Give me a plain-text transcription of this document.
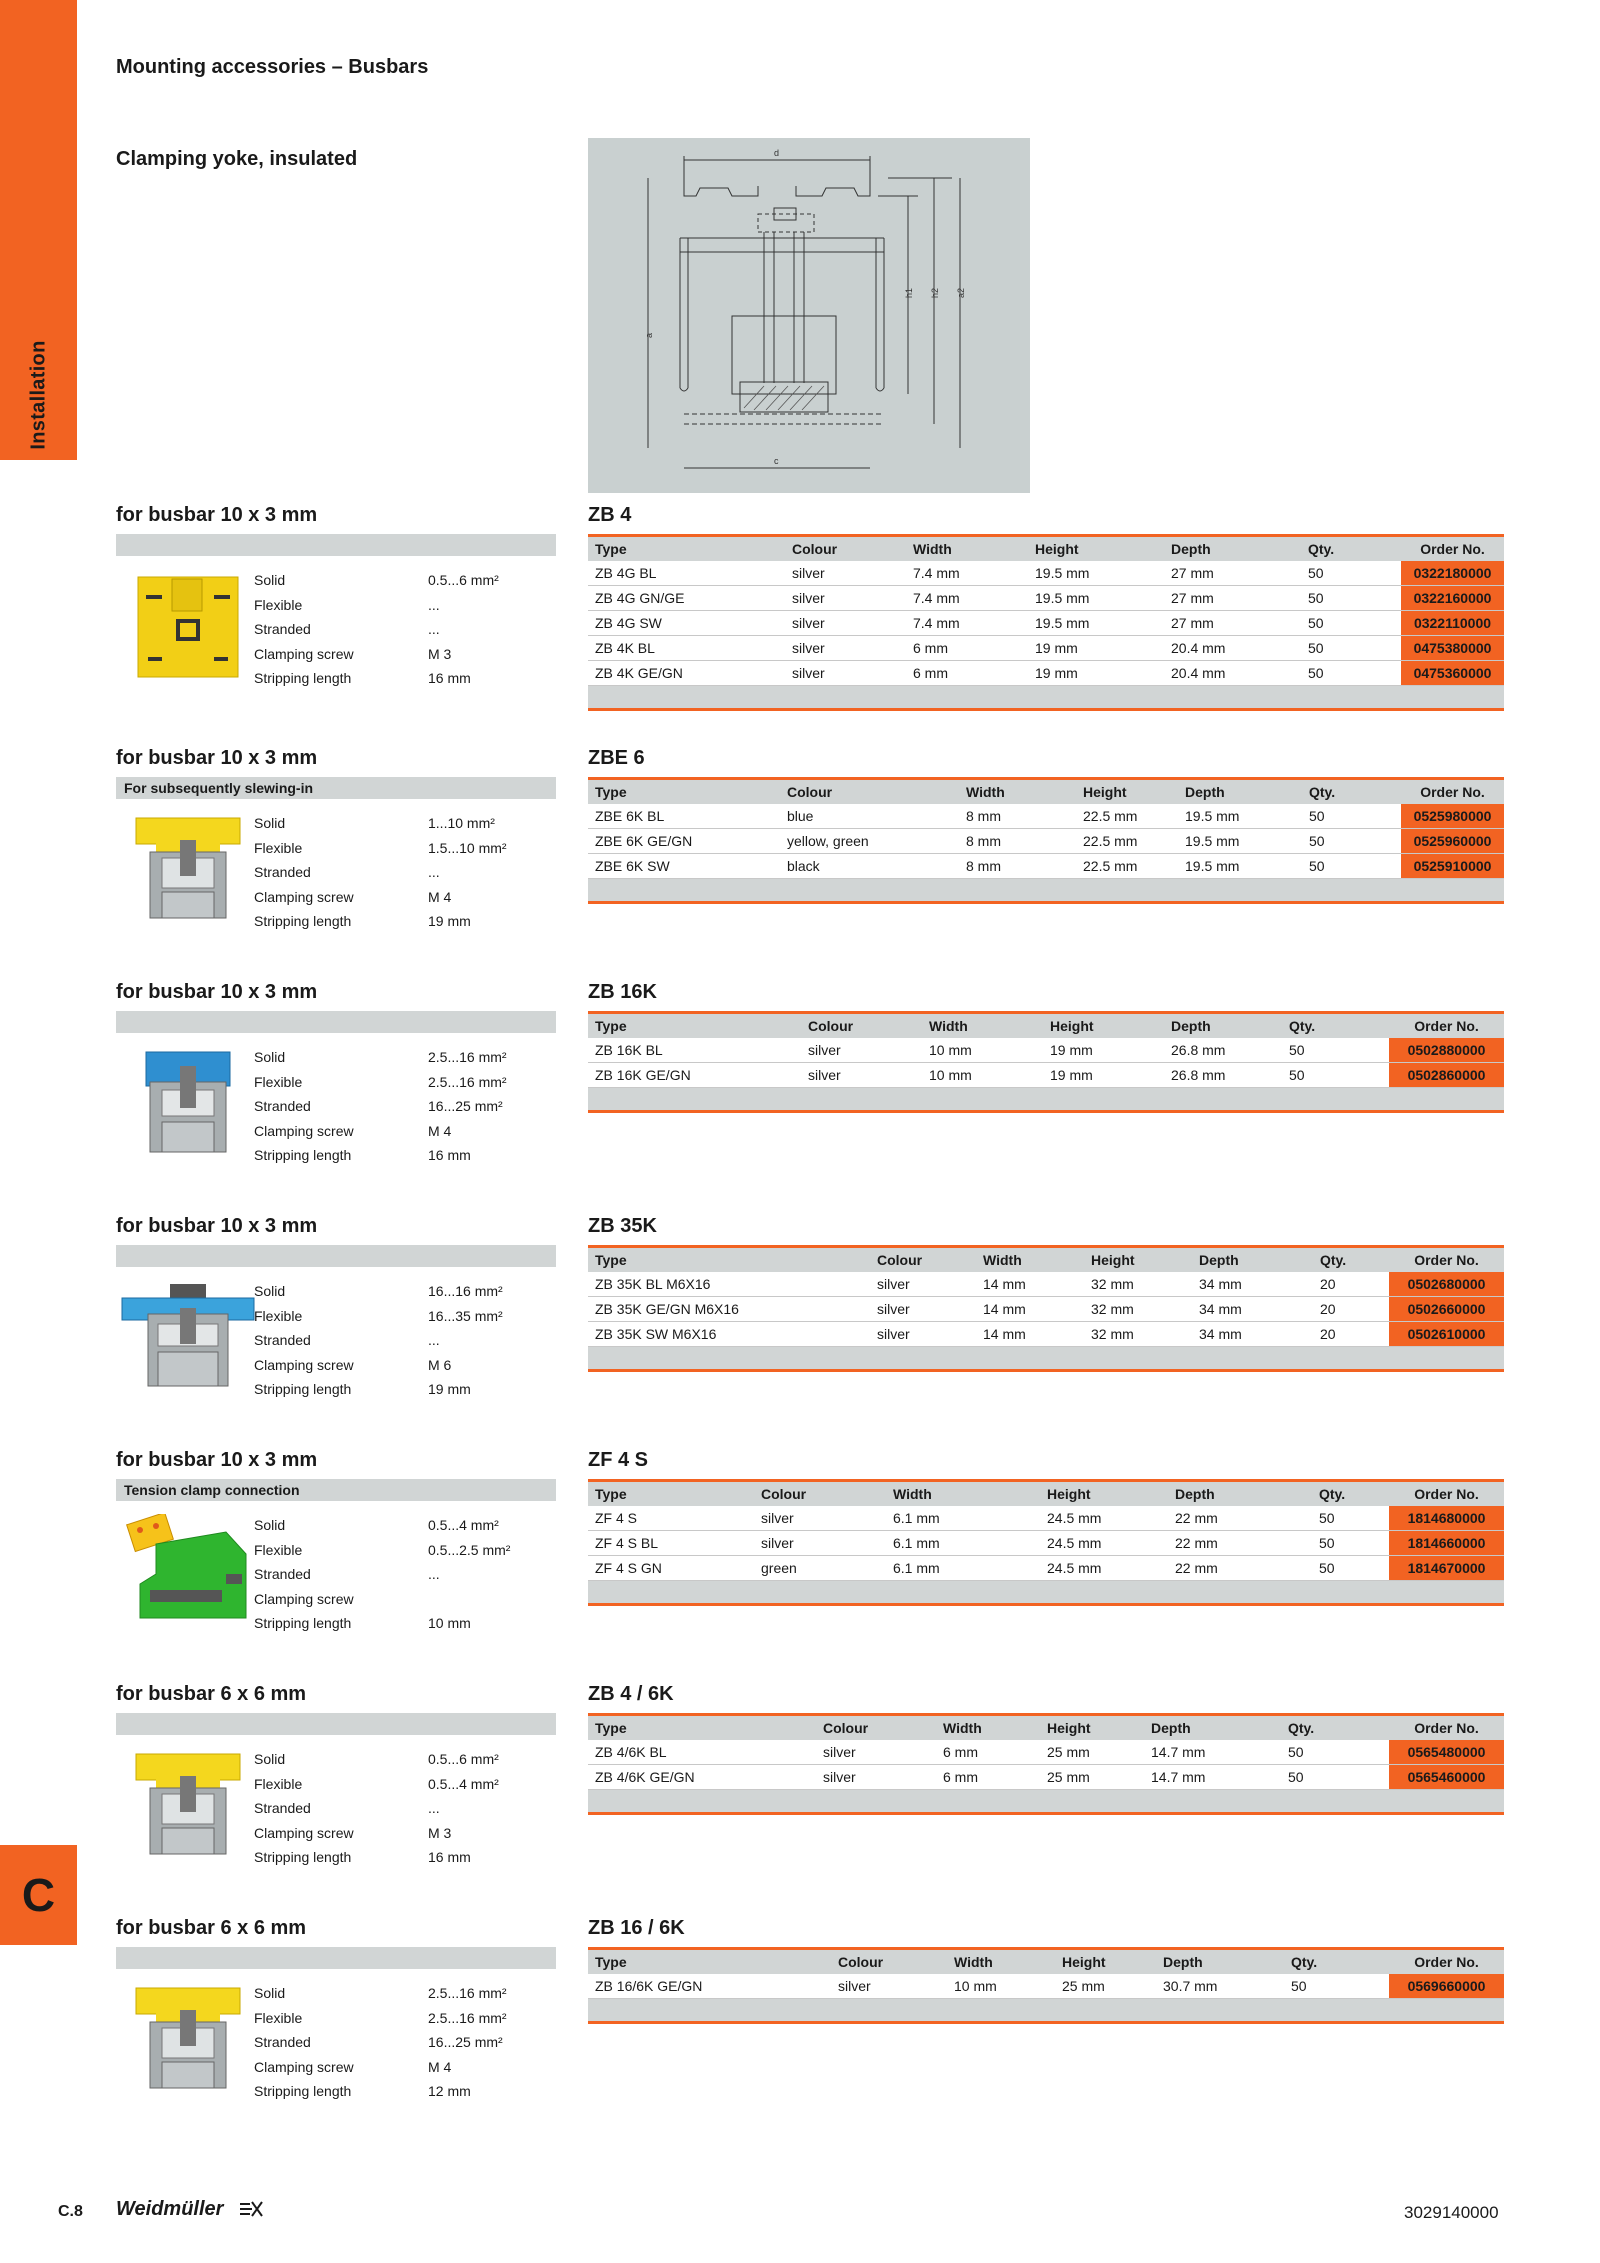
Installation
C
Mounting accessories – Busbars
Clamping yoke, insulated	d
h1 h2 a2
a
c
for busbar 10 x 3 mm
Solid	0.5...6 mm²
Flexible	...
Stranded	...
Clamping screw	M 3
Stripping length	16 mm
ZB 4
Type	Colour	Width	Height	Depth	Qty.	Order No.
ZB 4G BL	silver	7.4 mm	19.5 mm	27 mm	50	0322180000
ZB 4G GN/GE	silver	7.4 mm	19.5 mm	27 mm	50	0322160000
ZB 4G SW	silver	7.4 mm	19.5 mm	27 mm	50	0322110000
ZB 4K BL	silver	6 mm	19 mm	20.4 mm	50	0475380000
ZB 4K GE/GN	silver	6 mm	19 mm	20.4 mm	50	0475360000

for busbar 10 x 3 mm
For subsequently slewing-in
Solid	1...10 mm²
Flexible	1.5...10 mm²
Stranded	...
Clamping screw	M 4
Stripping length	19 mm
ZBE 6
Type	Colour	Width	Height	Depth	Qty.	Order No.
ZBE 6K BL	blue	8 mm	22.5 mm	19.5 mm	50	0525980000
ZBE 6K GE/GN	yellow, green	8 mm	22.5 mm	19.5 mm	50	0525960000
ZBE 6K SW	black	8 mm	22.5 mm	19.5 mm	50	0525910000

for busbar 10 x 3 mm
Solid	2.5...16 mm²
Flexible	2.5...16 mm²
Stranded	16...25 mm²
Clamping screw	M 4
Stripping length	16 mm
ZB 16K
Type	Colour	Width	Height	Depth	Qty.	Order No.
ZB 16K BL	silver	10 mm	19 mm	26.8 mm	50	0502880000
ZB 16K GE/GN	silver	10 mm	19 mm	26.8 mm	50	0502860000

for busbar 10 x 3 mm
Solid	16...16 mm²
Flexible	16...35 mm²
Stranded	...
Clamping screw	M 6
Stripping length	19 mm
ZB 35K
Type	Colour	Width	Height	Depth	Qty.	Order No.
ZB 35K BL M6X16	silver	14 mm	32 mm	34 mm	20	0502680000
ZB 35K GE/GN M6X16	silver	14 mm	32 mm	34 mm	20	0502660000
ZB 35K SW M6X16	silver	14 mm	32 mm	34 mm	20	0502610000

for busbar 10 x 3 mm
Tension clamp connection
Solid	0.5...4 mm²
Flexible	0.5...2.5 mm²
Stranded	...
Clamping screw	
Stripping length	10 mm
ZF 4 S
Type	Colour	Width	Height	Depth	Qty.	Order No.
ZF 4 S	silver	6.1 mm	24.5 mm	22 mm	50	1814680000
ZF 4 S BL	silver	6.1 mm	24.5 mm	22 mm	50	1814660000
ZF 4 S GN	green	6.1 mm	24.5 mm	22 mm	50	1814670000

for busbar 6 x 6 mm
Solid	0.5...6 mm²
Flexible	0.5...4 mm²
Stranded	...
Clamping screw	M 3
Stripping length	16 mm
ZB 4 / 6K
Type	Colour	Width	Height	Depth	Qty.	Order No.
ZB 4/6K BL	silver	6 mm	25 mm	14.7 mm	50	0565480000
ZB 4/6K GE/GN	silver	6 mm	25 mm	14.7 mm	50	0565460000

for busbar 6 x 6 mm
Solid	2.5...16 mm²
Flexible	2.5...16 mm²
Stranded	16...25 mm²
Clamping screw	M 4
Stripping length	12 mm
ZB 16 / 6K
Type	Colour	Width	Height	Depth	Qty.	Order No.
ZB 16/6K GE/GN	silver	10 mm	25 mm	30.7 mm	50	0569660000

C.8 Weidmüller	3029140000
